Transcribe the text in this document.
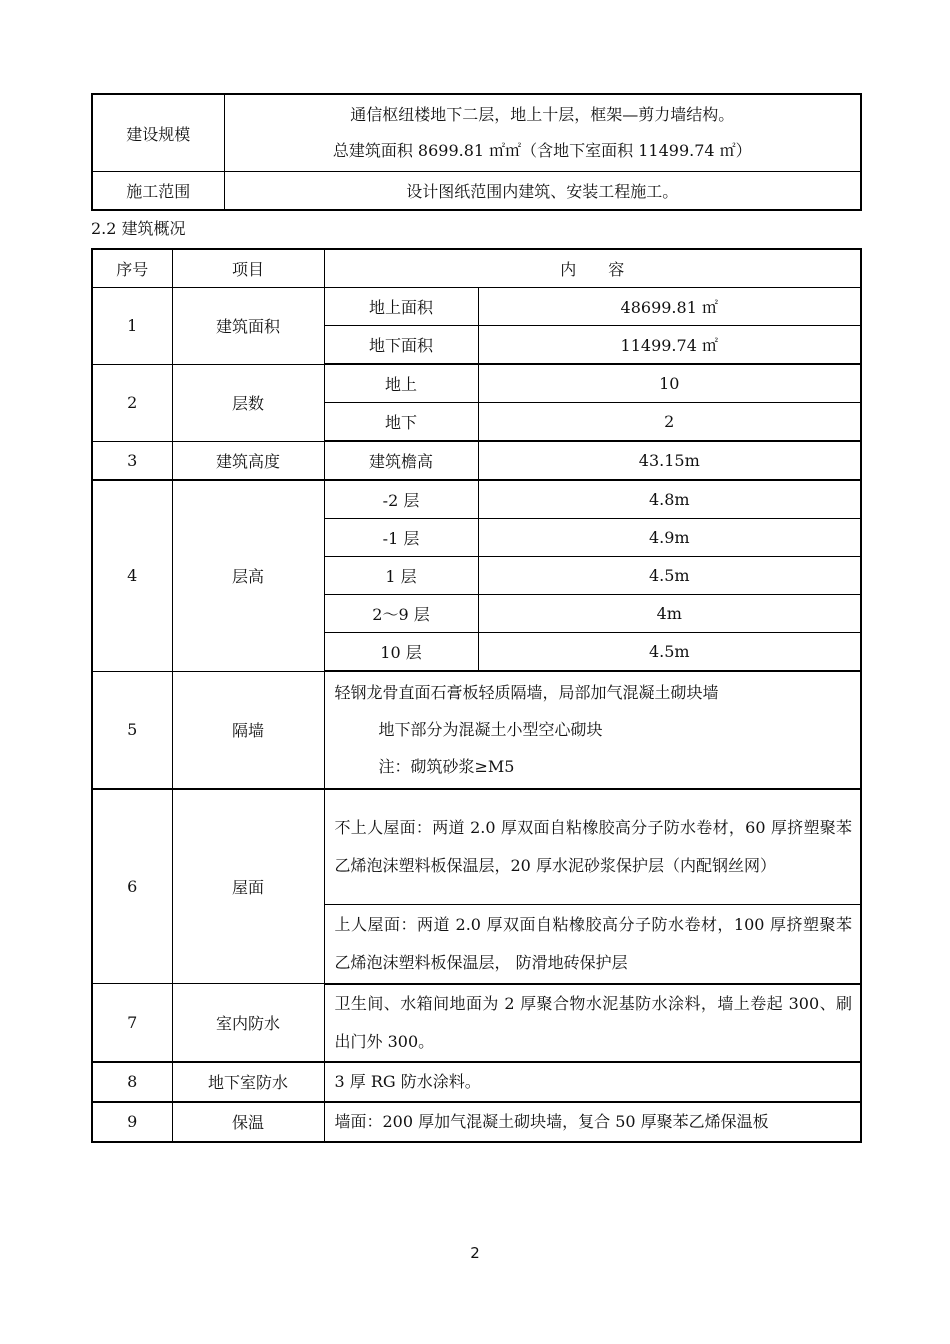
建设规模	通信枢纽楼地下二层，地上十层，框架—剪力墙结构。

总建筑面积 8699.81 ㎡㎡（含地下室面积 11499.74 ㎡）

施工范围	设计图纸范围内建筑、安装工程施工。
2.2 建筑概况
序号	项目	内　　容	
1	建筑面积	地上面积	48699.81 ㎡
		地下面积	11499.74 ㎡
2	层数	地上	10
		地下	2
3	建筑高度	建筑檐高	43.15m
4	层高	-2 层	4.8m
		-1 层	4.9m
		1 层	4.5m
		2～9 层	4m
		10 层	4.5m
5	隔墙	轻钢龙骨直面石膏板轻质隔墙，局部加气混凝土砌块墙
地下部分为混凝土小型空心砌块
注：砌筑砂浆≥M5	

6	屋面	不上人屋面：两道 2.0 厚双面自粘橡胶高分子防水卷材，60 厚挤塑聚苯乙烯泡沫塑料板保温层，20 厚水泥砂浆保护层（内配钢丝网）	
		上人屋面：两道 2.0 厚双面自粘橡胶高分子防水卷材，100 厚挤塑聚苯乙烯泡沫塑料板保温层， 防滑地砖保护层	
7	室内防水	卫生间、水箱间地面为 2 厚聚合物水泥基防水涂料，墙上卷起 300、刷出门外 300。	
8	地下室防水	3 厚 RG 防水涂料。	
9	保温	墙面：200 厚加气混凝土砌块墙，复合 50 厚聚苯乙烯保温板	
2
